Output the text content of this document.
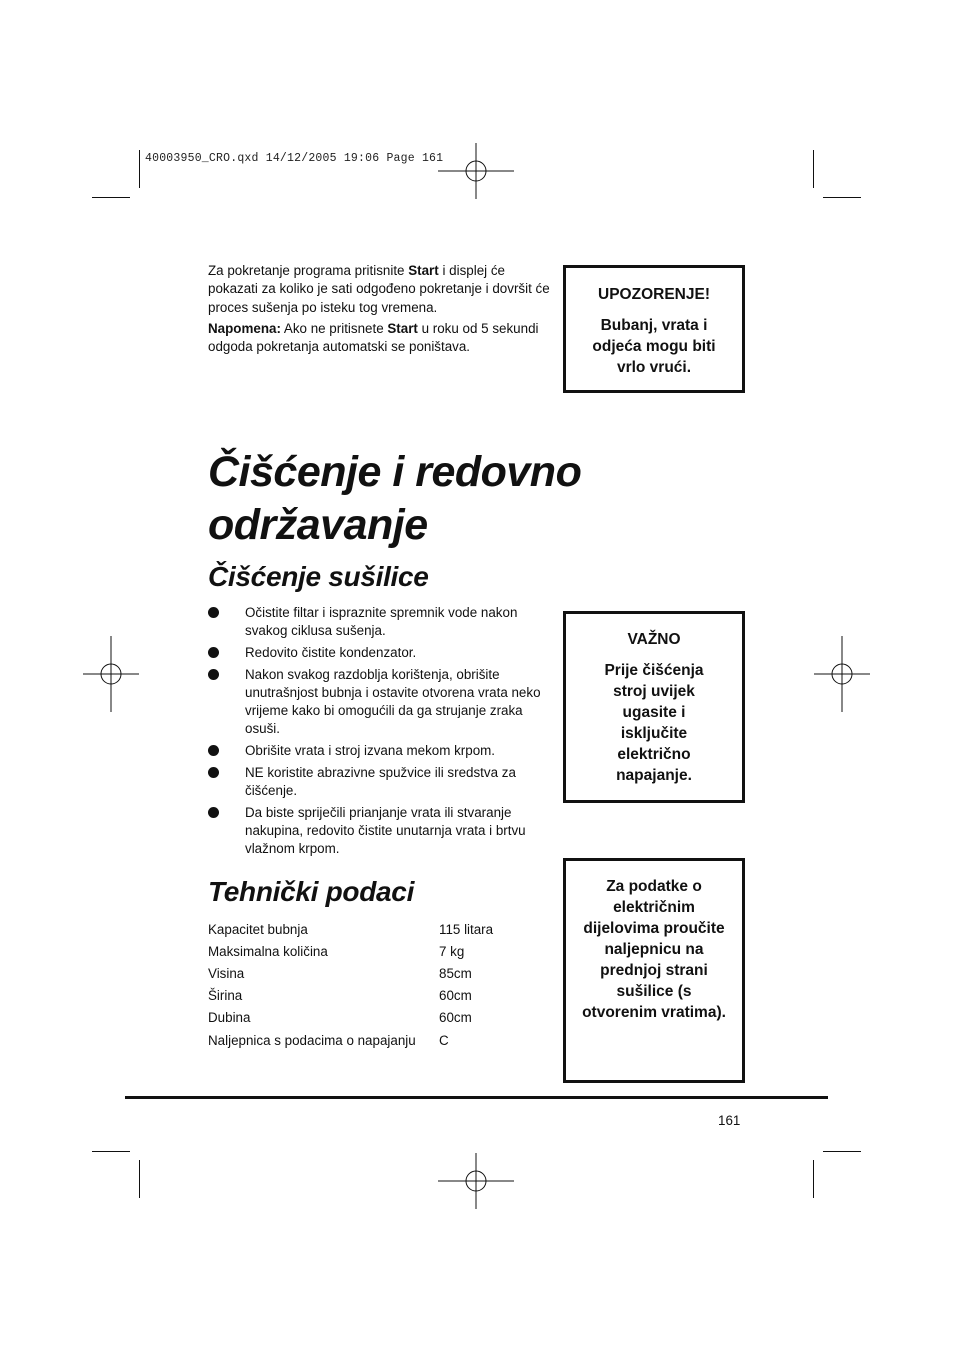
40003950_CRO.qxd 14/12/2005 19:06 Page 161

Za pokretanje programa pritisnite Start i displej će pokazati za koliko je sati odgođeno pokretanje i dovršit će proces sušenja po isteku tog vremena.

Napomena: Ako ne pritisnete Start u roku od 5 sekundi odgoda pokretanja automatski se poništava.

UPOZORENJE!

Bubanj, vrata i odjeća mogu biti vrlo vrući.

Čišćenje i redovno
održavanje
Čišćenje sušilice
Očistite filtar i ispraznite spremnik vode nakon svakog ciklusa sušenja.
Redovito čistite kondenzator.
Nakon svakog razdoblja korištenja, obrišite unutrašnjost bubnja i ostavite otvorena vrata neko vrijeme kako bi omogućili da ga strujanje zraka osuši.
Obrišite vrata i stroj izvana mekom krpom.
NE koristite abrazivne spužvice ili sredstva za čišćenje.
Da biste spriječili prianjanje vrata ili stvaranje nakupina, redovito čistite unutarnja vrata i brtvu vlažnom krpom.

VAŽNO

Prije čišćenja stroj uvijek ugasite i isključite električno napajanje.

Tehnički podaci
Kapacitet bubnja	115 litara
Maksimalna količina	7 kg
Visina	85cm
Širina	60cm
Dubina	60cm
Naljepnica s podacima o napajanju	C

Za podatke o električnim dijelovima proučite naljepnicu na prednjoj strani sušilice (s otvorenim vratima).

161
